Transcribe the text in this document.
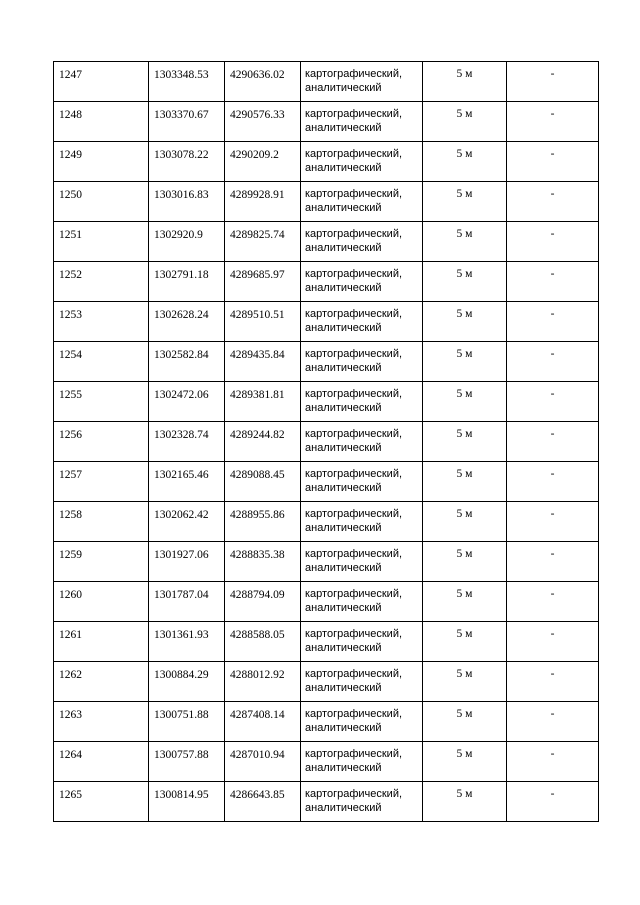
1247	1303348.53	4290636.02	картографический,
аналитический	5 м	-
1248	1303370.67	4290576.33	картографический,
аналитический	5 м	-
1249	1303078.22	4290209.2	картографический,
аналитический	5 м	-
1250	1303016.83	4289928.91	картографический,
аналитический	5 м	-
1251	1302920.9	4289825.74	картографический,
аналитический	5 м	-
1252	1302791.18	4289685.97	картографический,
аналитический	5 м	-
1253	1302628.24	4289510.51	картографический,
аналитический	5 м	-
1254	1302582.84	4289435.84	картографический,
аналитический	5 м	-
1255	1302472.06	4289381.81	картографический,
аналитический	5 м	-
1256	1302328.74	4289244.82	картографический,
аналитический	5 м	-
1257	1302165.46	4289088.45	картографический,
аналитический	5 м	-
1258	1302062.42	4288955.86	картографический,
аналитический	5 м	-
1259	1301927.06	4288835.38	картографический,
аналитический	5 м	-
1260	1301787.04	4288794.09	картографический,
аналитический	5 м	-
1261	1301361.93	4288588.05	картографический,
аналитический	5 м	-
1262	1300884.29	4288012.92	картографический,
аналитический	5 м	-
1263	1300751.88	4287408.14	картографический,
аналитический	5 м	-
1264	1300757.88	4287010.94	картографический,
аналитический	5 м	-
1265	1300814.95	4286643.85	картографический,
аналитический	5 м	-
